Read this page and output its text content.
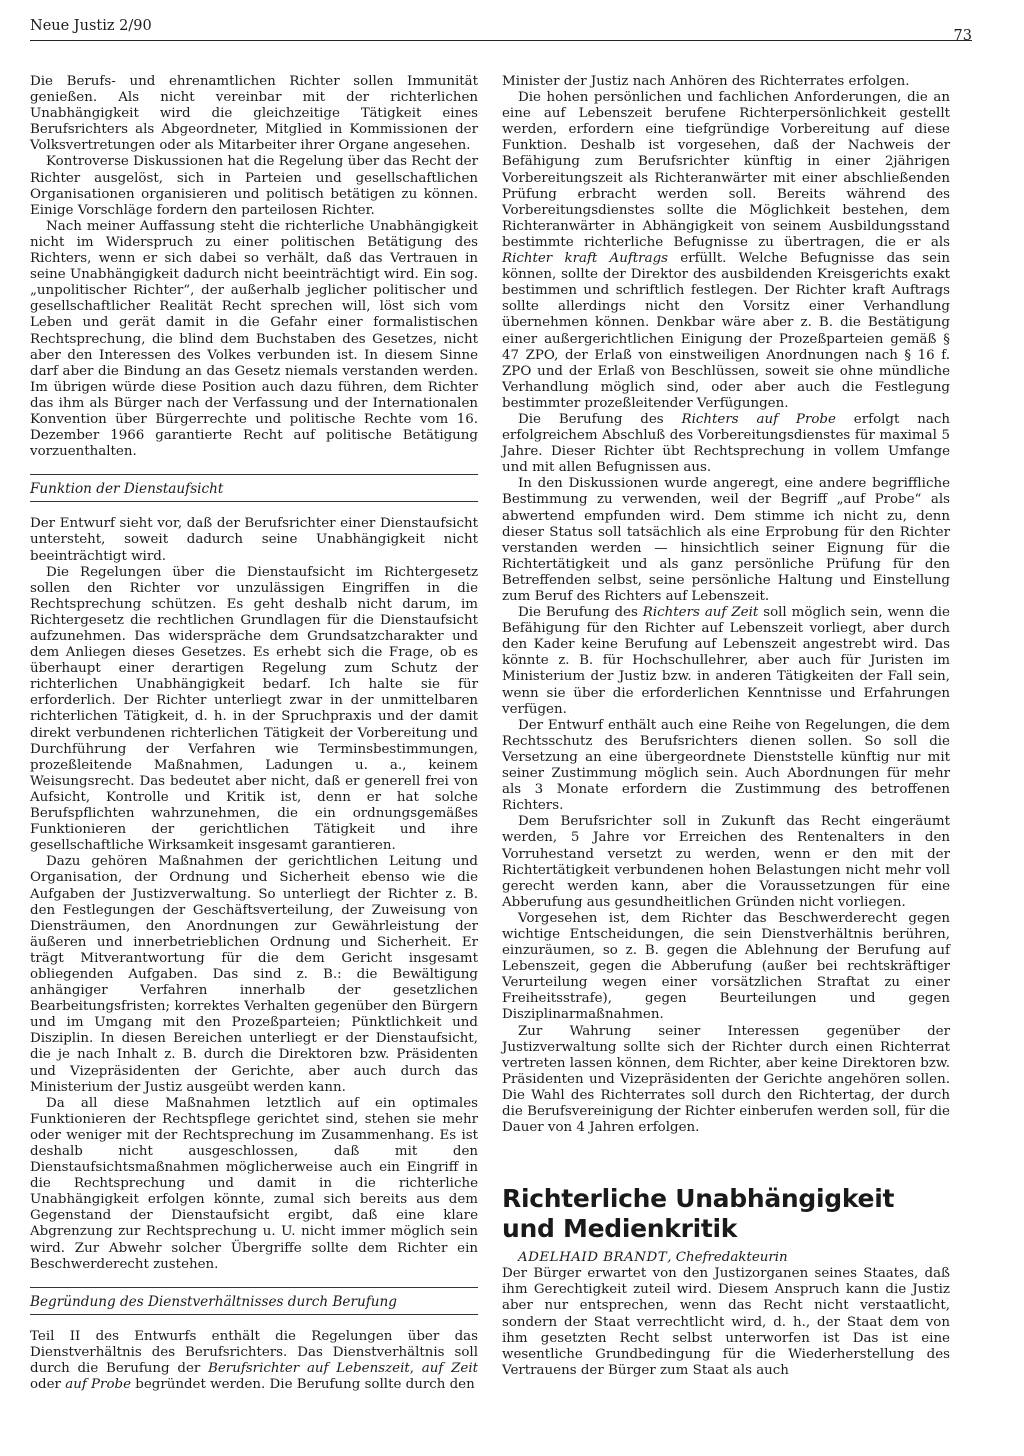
Neue Justiz 2/90
73

Die Berufs- und ehrenamtlichen Richter sollen Immunität genießen. Als nicht vereinbar mit der richterlichen Unabhängigkeit wird die gleichzeitige Tätigkeit eines Berufsrichters als Abgeordneter, Mitglied in Kommissionen der Volksvertretungen oder als Mitarbeiter ihrer Organe angesehen.

Kontroverse Diskussionen hat die Regelung über das Recht der Richter ausgelöst, sich in Parteien und gesellschaftlichen Organisationen organisieren und politisch betätigen zu können. Einige Vorschläge fordern den parteilosen Richter.

Nach meiner Auffassung steht die richterliche Unabhängigkeit nicht im Widerspruch zu einer politischen Betätigung des Richters, wenn er sich dabei so verhält, daß das Vertrauen in seine Unabhängigkeit dadurch nicht beeinträchtigt wird. Ein sog. „unpolitischer Richter“, der außerhalb jeglicher politischer und gesellschaftlicher Realität Recht sprechen will, löst sich vom Leben und gerät damit in die Gefahr einer formalistischen Rechtsprechung, die blind dem Buchstaben des Gesetzes, nicht aber den Interessen des Volkes verbunden ist. In diesem Sinne darf aber die Bindung an das Gesetz niemals verstanden werden. Im übrigen würde diese Position auch dazu führen, dem Richter das ihm als Bürger nach der Verfassung und der Internationalen Konvention über Bürgerrechte und politische Rechte vom 16. Dezember 1966 garantierte Recht auf politische Betätigung vorzuenthalten.

Funktion der Dienstaufsicht

Der Entwurf sieht vor, daß der Berufsrichter einer Dienstaufsicht untersteht, soweit dadurch seine Unabhängigkeit nicht beeinträchtigt wird.

Die Regelungen über die Dienstaufsicht im Richtergesetz sollen den Richter vor unzulässigen Eingriffen in die Rechtsprechung schützen. Es geht deshalb nicht darum, im Richtergesetz die rechtlichen Grundlagen für die Dienstaufsicht aufzunehmen. Das widerspräche dem Grundsatzcharakter und dem Anliegen dieses Gesetzes. Es erhebt sich die Frage, ob es überhaupt einer derartigen Regelung zum Schutz der richterlichen Unabhängigkeit bedarf. Ich halte sie für erforderlich. Der Richter unterliegt zwar in der unmittelbaren richterlichen Tätigkeit, d. h. in der Spruchpraxis und der damit direkt verbundenen richterlichen Tätigkeit der Vorbereitung und Durchführung der Verfahren wie Terminsbestimmungen, prozeßleitende Maßnahmen, Ladungen u. a., keinem Weisungsrecht. Das bedeutet aber nicht, daß er generell frei von Aufsicht, Kontrolle und Kritik ist, denn er hat solche Berufspflichten wahrzunehmen, die ein ordnungsgemäßes Funktionieren der gerichtlichen Tätigkeit und ihre gesellschaftliche Wirksamkeit insgesamt garantieren.

Dazu gehören Maßnahmen der gerichtlichen Leitung und Organisation, der Ordnung und Sicherheit ebenso wie die Aufgaben der Justizverwaltung. So unterliegt der Richter z. B. den Festlegungen der Geschäftsverteilung, der Zuweisung von Diensträumen, den Anordnungen zur Gewährleistung der äußeren und innerbetrieblichen Ordnung und Sicherheit. Er trägt Mitverantwortung für die dem Gericht insgesamt obliegenden Aufgaben. Das sind z. B.: die Bewältigung anhängiger Verfahren innerhalb der gesetzlichen Bearbeitungsfristen; korrektes Verhalten gegenüber den Bürgern und im Umgang mit den Prozeßparteien; Pünktlichkeit und Disziplin. In diesen Bereichen unterliegt er der Dienstaufsicht, die je nach Inhalt z. B. durch die Direktoren bzw. Präsidenten und Vizepräsidenten der Gerichte, aber auch durch das Ministerium der Justiz ausgeübt werden kann.

Da all diese Maßnahmen letztlich auf ein optimales Funktionieren der Rechtspflege gerichtet sind, stehen sie mehr oder weniger mit der Rechtsprechung im Zusammenhang. Es ist deshalb nicht ausgeschlossen, daß mit den Dienstaufsichtsmaßnahmen möglicherweise auch ein Eingriff in die Rechtsprechung und damit in die richterliche Unabhängigkeit erfolgen könnte, zumal sich bereits aus dem Gegenstand der Dienstaufsicht ergibt, daß eine klare Abgrenzung zur Rechtsprechung u. U. nicht immer möglich sein wird. Zur Abwehr solcher Übergriffe sollte dem Richter ein Beschwerderecht zustehen.

Begründung des Dienstverhältnisses durch Berufung

Teil II des Entwurfs enthält die Regelungen über das Dienstverhältnis des Berufsrichters. Das Dienstverhältnis soll durch die Berufung der Berufsrichter auf Lebenszeit, auf Zeit oder auf Probe begründet werden. Die Berufung sollte durch den

Minister der Justiz nach Anhören des Richterrates erfolgen.

Die hohen persönlichen und fachlichen Anforderungen, die an eine auf Lebenszeit berufene Richterpersönlichkeit gestellt werden, erfordern eine tiefgründige Vorbereitung auf diese Funktion. Deshalb ist vorgesehen, daß der Nachweis der Befähigung zum Berufsrichter künftig in einer 2jährigen Vorbereitungszeit als Richteranwärter mit einer abschließenden Prüfung erbracht werden soll. Bereits während des Vorbereitungsdienstes sollte die Möglichkeit bestehen, dem Richteranwärter in Abhängigkeit von seinem Ausbildungsstand bestimmte richterliche Befugnisse zu übertragen, die er als Richter kraft Auftrags erfüllt. Welche Befugnisse das sein können, sollte der Direktor des ausbildenden Kreisgerichts exakt bestimmen und schriftlich festlegen. Der Richter kraft Auftrags sollte allerdings nicht den Vorsitz einer Verhandlung übernehmen können. Denkbar wäre aber z. B. die Bestätigung einer außergerichtlichen Einigung der Prozeßparteien gemäß § 47 ZPO, der Erlaß von einstweiligen Anordnungen nach § 16 f. ZPO und der Erlaß von Beschlüssen, soweit sie ohne mündliche Verhandlung möglich sind, oder aber auch die Festlegung bestimmter prozeßleitender Verfügungen.

Die Berufung des Richters auf Probe erfolgt nach erfolgreichem Abschluß des Vorbereitungsdienstes für maximal 5 Jahre. Dieser Richter übt Rechtsprechung in vollem Umfange und mit allen Befugnissen aus.

In den Diskussionen wurde angeregt, eine andere begriffliche Bestimmung zu verwenden, weil der Begriff „auf Probe“ als abwertend empfunden wird. Dem stimme ich nicht zu, denn dieser Status soll tatsächlich als eine Erprobung für den Richter verstanden werden — hinsichtlich seiner Eignung für die Richtertätigkeit und als ganz persönliche Prüfung für den Betreffenden selbst, seine persönliche Haltung und Einstellung zum Beruf des Richters auf Lebenszeit.

Die Berufung des Richters auf Zeit soll möglich sein, wenn die Befähigung für den Richter auf Lebenszeit vorliegt, aber durch den Kader keine Berufung auf Lebenszeit angestrebt wird. Das könnte z. B. für Hochschullehrer, aber auch für Juristen im Ministerium der Justiz bzw. in anderen Tätigkeiten der Fall sein, wenn sie über die erforderlichen Kenntnisse und Erfahrungen verfügen.

Der Entwurf enthält auch eine Reihe von Regelungen, die dem Rechtsschutz des Berufsrichters dienen sollen. So soll die Versetzung an eine übergeordnete Dienststelle künftig nur mit seiner Zustimmung möglich sein. Auch Abordnungen für mehr als 3 Monate erfordern die Zustimmung des betroffenen Richters.

Dem Berufsrichter soll in Zukunft das Recht eingeräumt werden, 5 Jahre vor Erreichen des Rentenalters in den Vorruhestand versetzt zu werden, wenn er den mit der Richtertätigkeit verbundenen hohen Belastungen nicht mehr voll gerecht werden kann, aber die Voraussetzungen für eine Abberufung aus gesundheitlichen Gründen nicht vorliegen.

Vorgesehen ist, dem Richter das Beschwerderecht gegen wichtige Entscheidungen, die sein Dienstverhältnis berühren, einzuräumen, so z. B. gegen die Ablehnung der Berufung auf Lebenszeit, gegen die Abberufung (außer bei rechtskräftiger Verurteilung wegen einer vorsätzlichen Straftat zu einer Freiheitsstrafe), gegen Beurteilungen und gegen Disziplinarmaßnahmen.

Zur Wahrung seiner Interessen gegenüber der Justizverwaltung sollte sich der Richter durch einen Richterrat vertreten lassen können, dem Richter, aber keine Direktoren bzw. Präsidenten und Vizepräsidenten der Gerichte angehören sollen. Die Wahl des Richterrates soll durch den Richtertag, der durch die Berufsvereinigung der Richter einberufen werden soll, für die Dauer von 4 Jahren erfolgen.

Richterliche Unabhängigkeit
und Medienkritik

ADELHAID BRANDT, Chefredakteurin

Der Bürger erwartet von den Justizorganen seines Staates, daß ihm Gerechtigkeit zuteil wird. Diesem Anspruch kann die Justiz aber nur entsprechen, wenn das Recht nicht verstaatlicht, sondern der Staat verrechtlicht wird, d. h., der Staat dem von ihm gesetzten Recht selbst unterworfen ist Das ist eine wesentliche Grundbedingung für die Wiederherstellung des Vertrauens der Bürger zum Staat als auch
